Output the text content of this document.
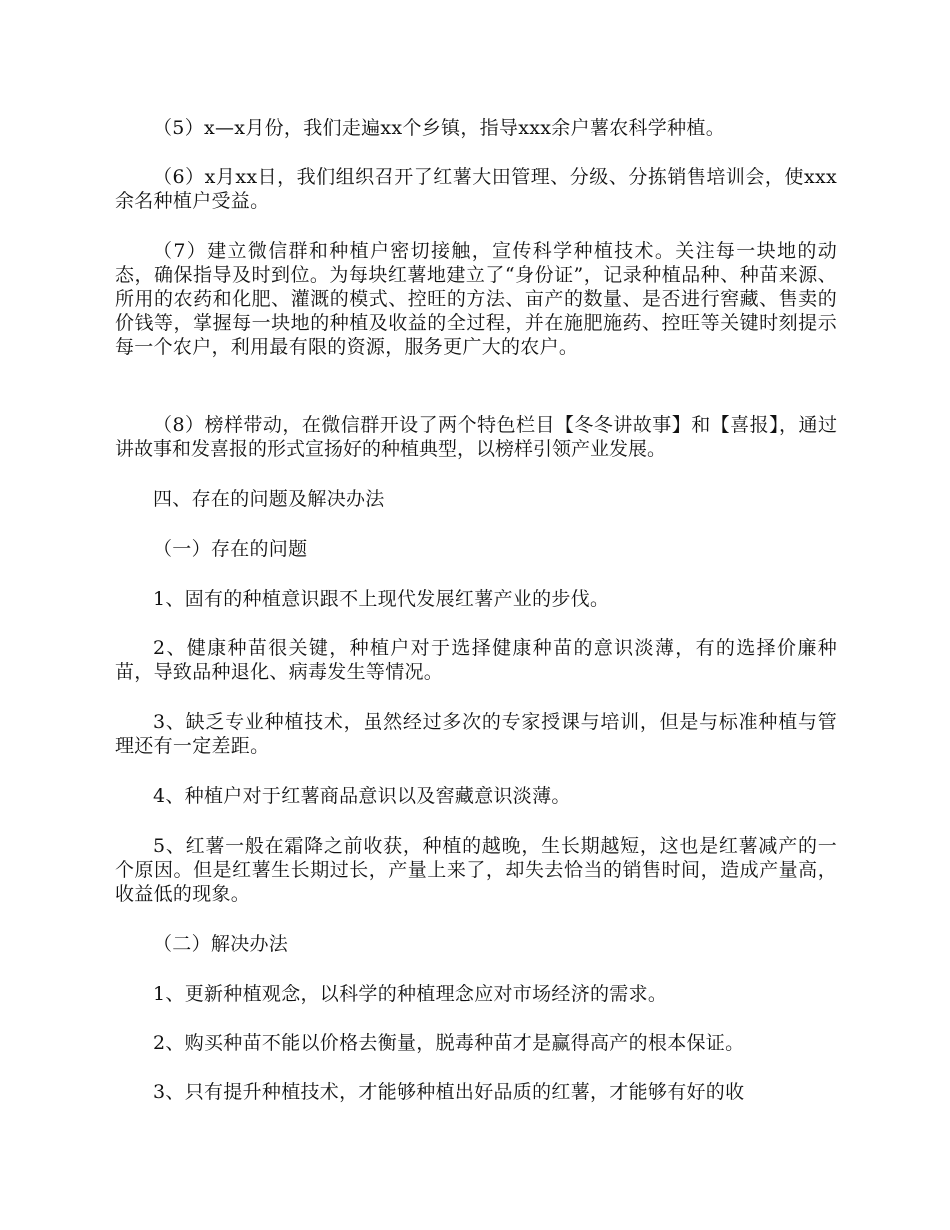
（5）x—x月份，我们走遍xx个乡镇，指导xxx余户薯农科学种植。

（6）x月xx日，我们组织召开了红薯大田管理、分级、分拣销售培训会，使xxx余名种植户受益。

（7）建立微信群和种植户密切接触，宣传科学种植技术。关注每一块地的动态，确保指导及时到位。为每块红薯地建立了“身份证”，记录种植品种、种苗来源、所用的农药和化肥、灌溉的模式、控旺的方法、亩产的数量、是否进行窖藏、售卖的价钱等，掌握每一块地的种植及收益的全过程，并在施肥施药、控旺等关键时刻提示每一个农户，利用最有限的资源，服务更广大的农户。

（8）榜样带动，在微信群开设了两个特色栏目【冬冬讲故事】和【喜报】，通过讲故事和发喜报的形式宣扬好的种植典型，以榜样引领产业发展。

四、存在的问题及解决办法

（一）存在的问题

1、固有的种植意识跟不上现代发展红薯产业的步伐。

2、健康种苗很关键，种植户对于选择健康种苗的意识淡薄，有的选择价廉种苗，导致品种退化、病毒发生等情况。

3、缺乏专业种植技术，虽然经过多次的专家授课与培训，但是与标准种植与管理还有一定差距。

4、种植户对于红薯商品意识以及窖藏意识淡薄。

5、红薯一般在霜降之前收获，种植的越晚，生长期越短，这也是红薯减产的一个原因。但是红薯生长期过长，产量上来了，却失去恰当的销售时间，造成产量高，收益低的现象。

（二）解决办法

1、更新种植观念，以科学的种植理念应对市场经济的需求。

2、购买种苗不能以价格去衡量，脱毒种苗才是赢得高产的根本保证。

3、只有提升种植技术，才能够种植出好品质的红薯，才能够有好的收
